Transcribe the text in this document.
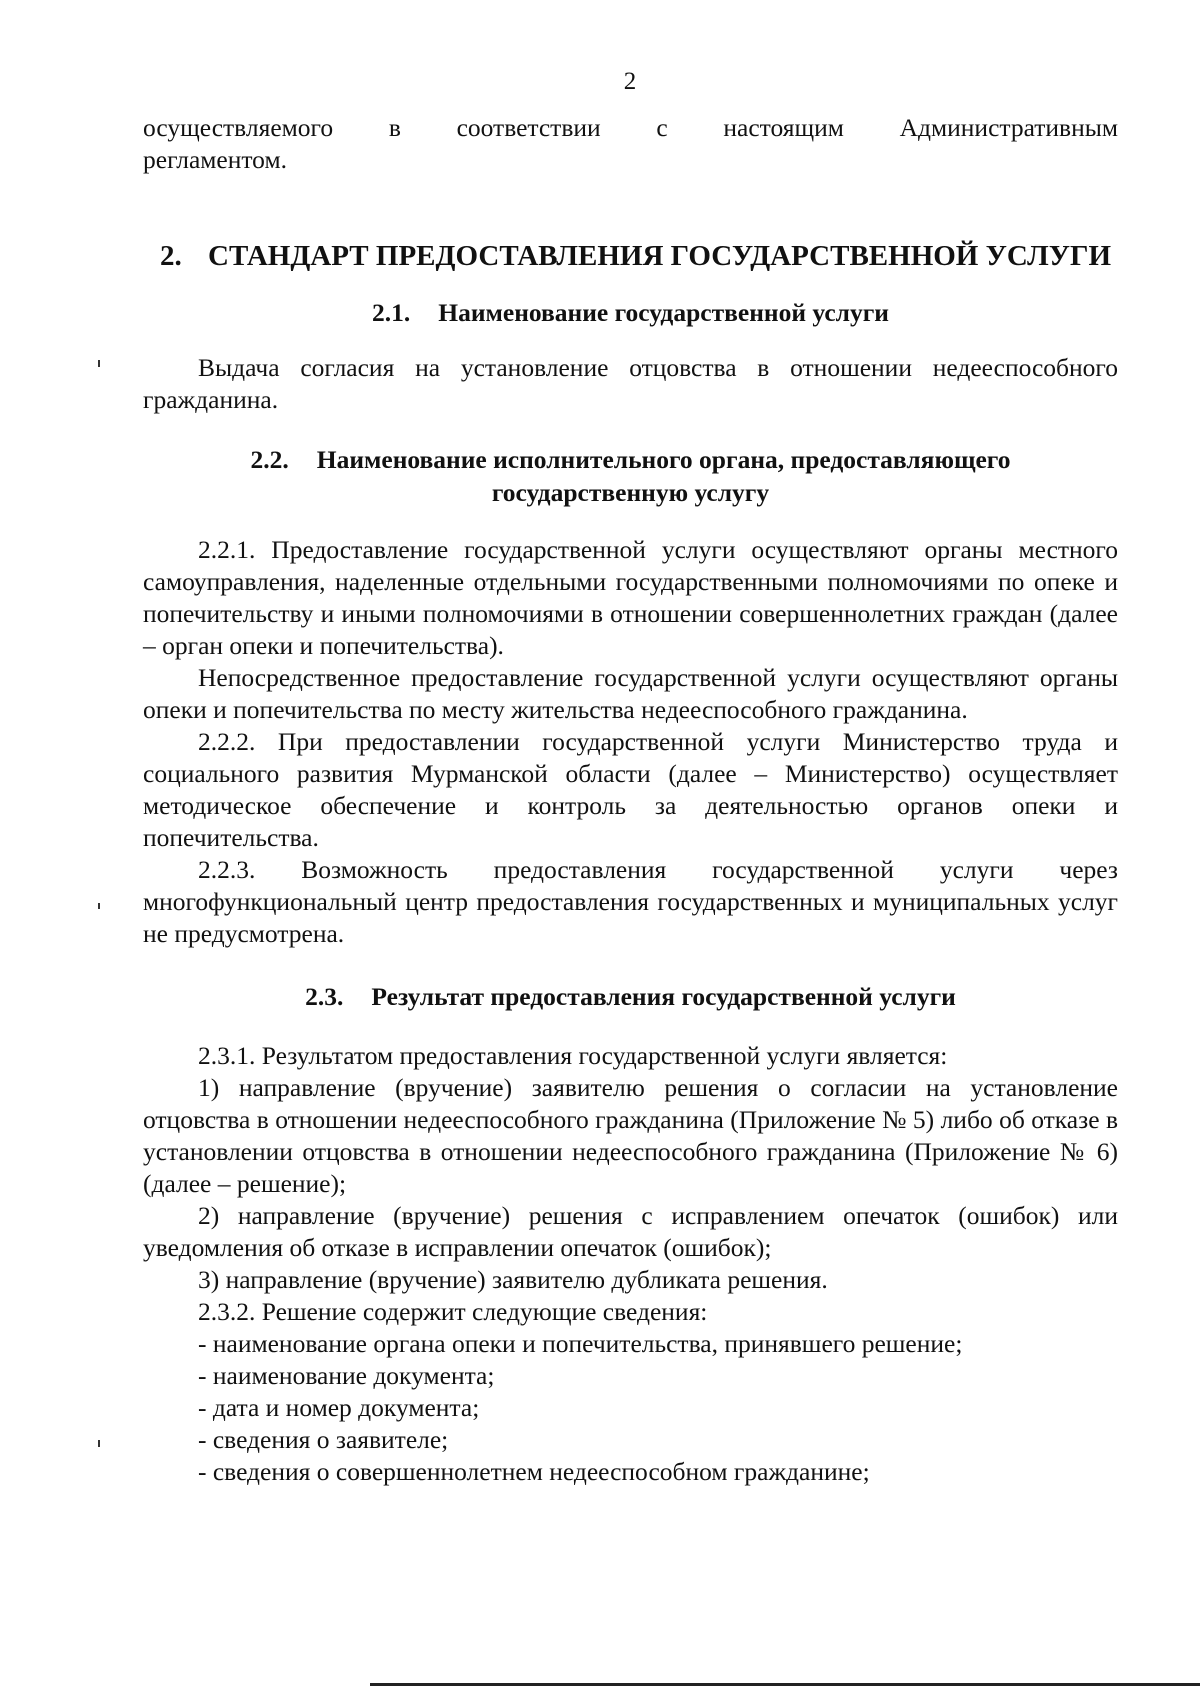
2

осуществляемого в соответствии с настоящим Административным

регламентом.

2. СТАНДАРТ ПРЕДОСТАВЛЕНИЯ ГОСУДАРСТВЕННОЙ УСЛУГИ
2.1. Наименование государственной услуги

Выдача согласия на установление отцовства в отношении недееспособного гражданина.

2.2. Наименование исполнительного органа, предоставляющего
государственную услугу

2.2.1. Предоставление государственной услуги осуществляют органы местного самоуправления, наделенные отдельными государственными полномочиями по опеке и попечительству и иными полномочиями в отношении совершеннолетних граждан (далее – орган опеки и попечительства).

Непосредственное предоставление государственной услуги осуществляют органы опеки и попечительства по месту жительства недееспособного гражданина.

2.2.2. При предоставлении государственной услуги Министерство труда и социального развития Мурманской области (далее – Министерство) осуществляет методическое обеспечение и контроль за деятельностью органов опеки и попечительства.

2.2.3. Возможность предоставления государственной услуги через многофункциональный центр предоставления государственных и муниципальных услуг не предусмотрена.

2.3. Результат предоставления государственной услуги

2.3.1. Результатом предоставления государственной услуги является:

1) направление (вручение) заявителю решения о согласии на установление отцовства в отношении недееспособного гражданина (Приложение № 5) либо об отказе в установлении отцовства в отношении недееспособного гражданина (Приложение № 6) (далее – решение);

2) направление (вручение) решения с исправлением опечаток (ошибок) или уведомления об отказе в исправлении опечаток (ошибок);

3) направление (вручение) заявителю дубликата решения.

2.3.2. Решение содержит следующие сведения:

- наименование органа опеки и попечительства, принявшего решение;

- наименование документа;

- дата и номер документа;

- сведения о заявителе;

- сведения о совершеннолетнем недееспособном гражданине;
